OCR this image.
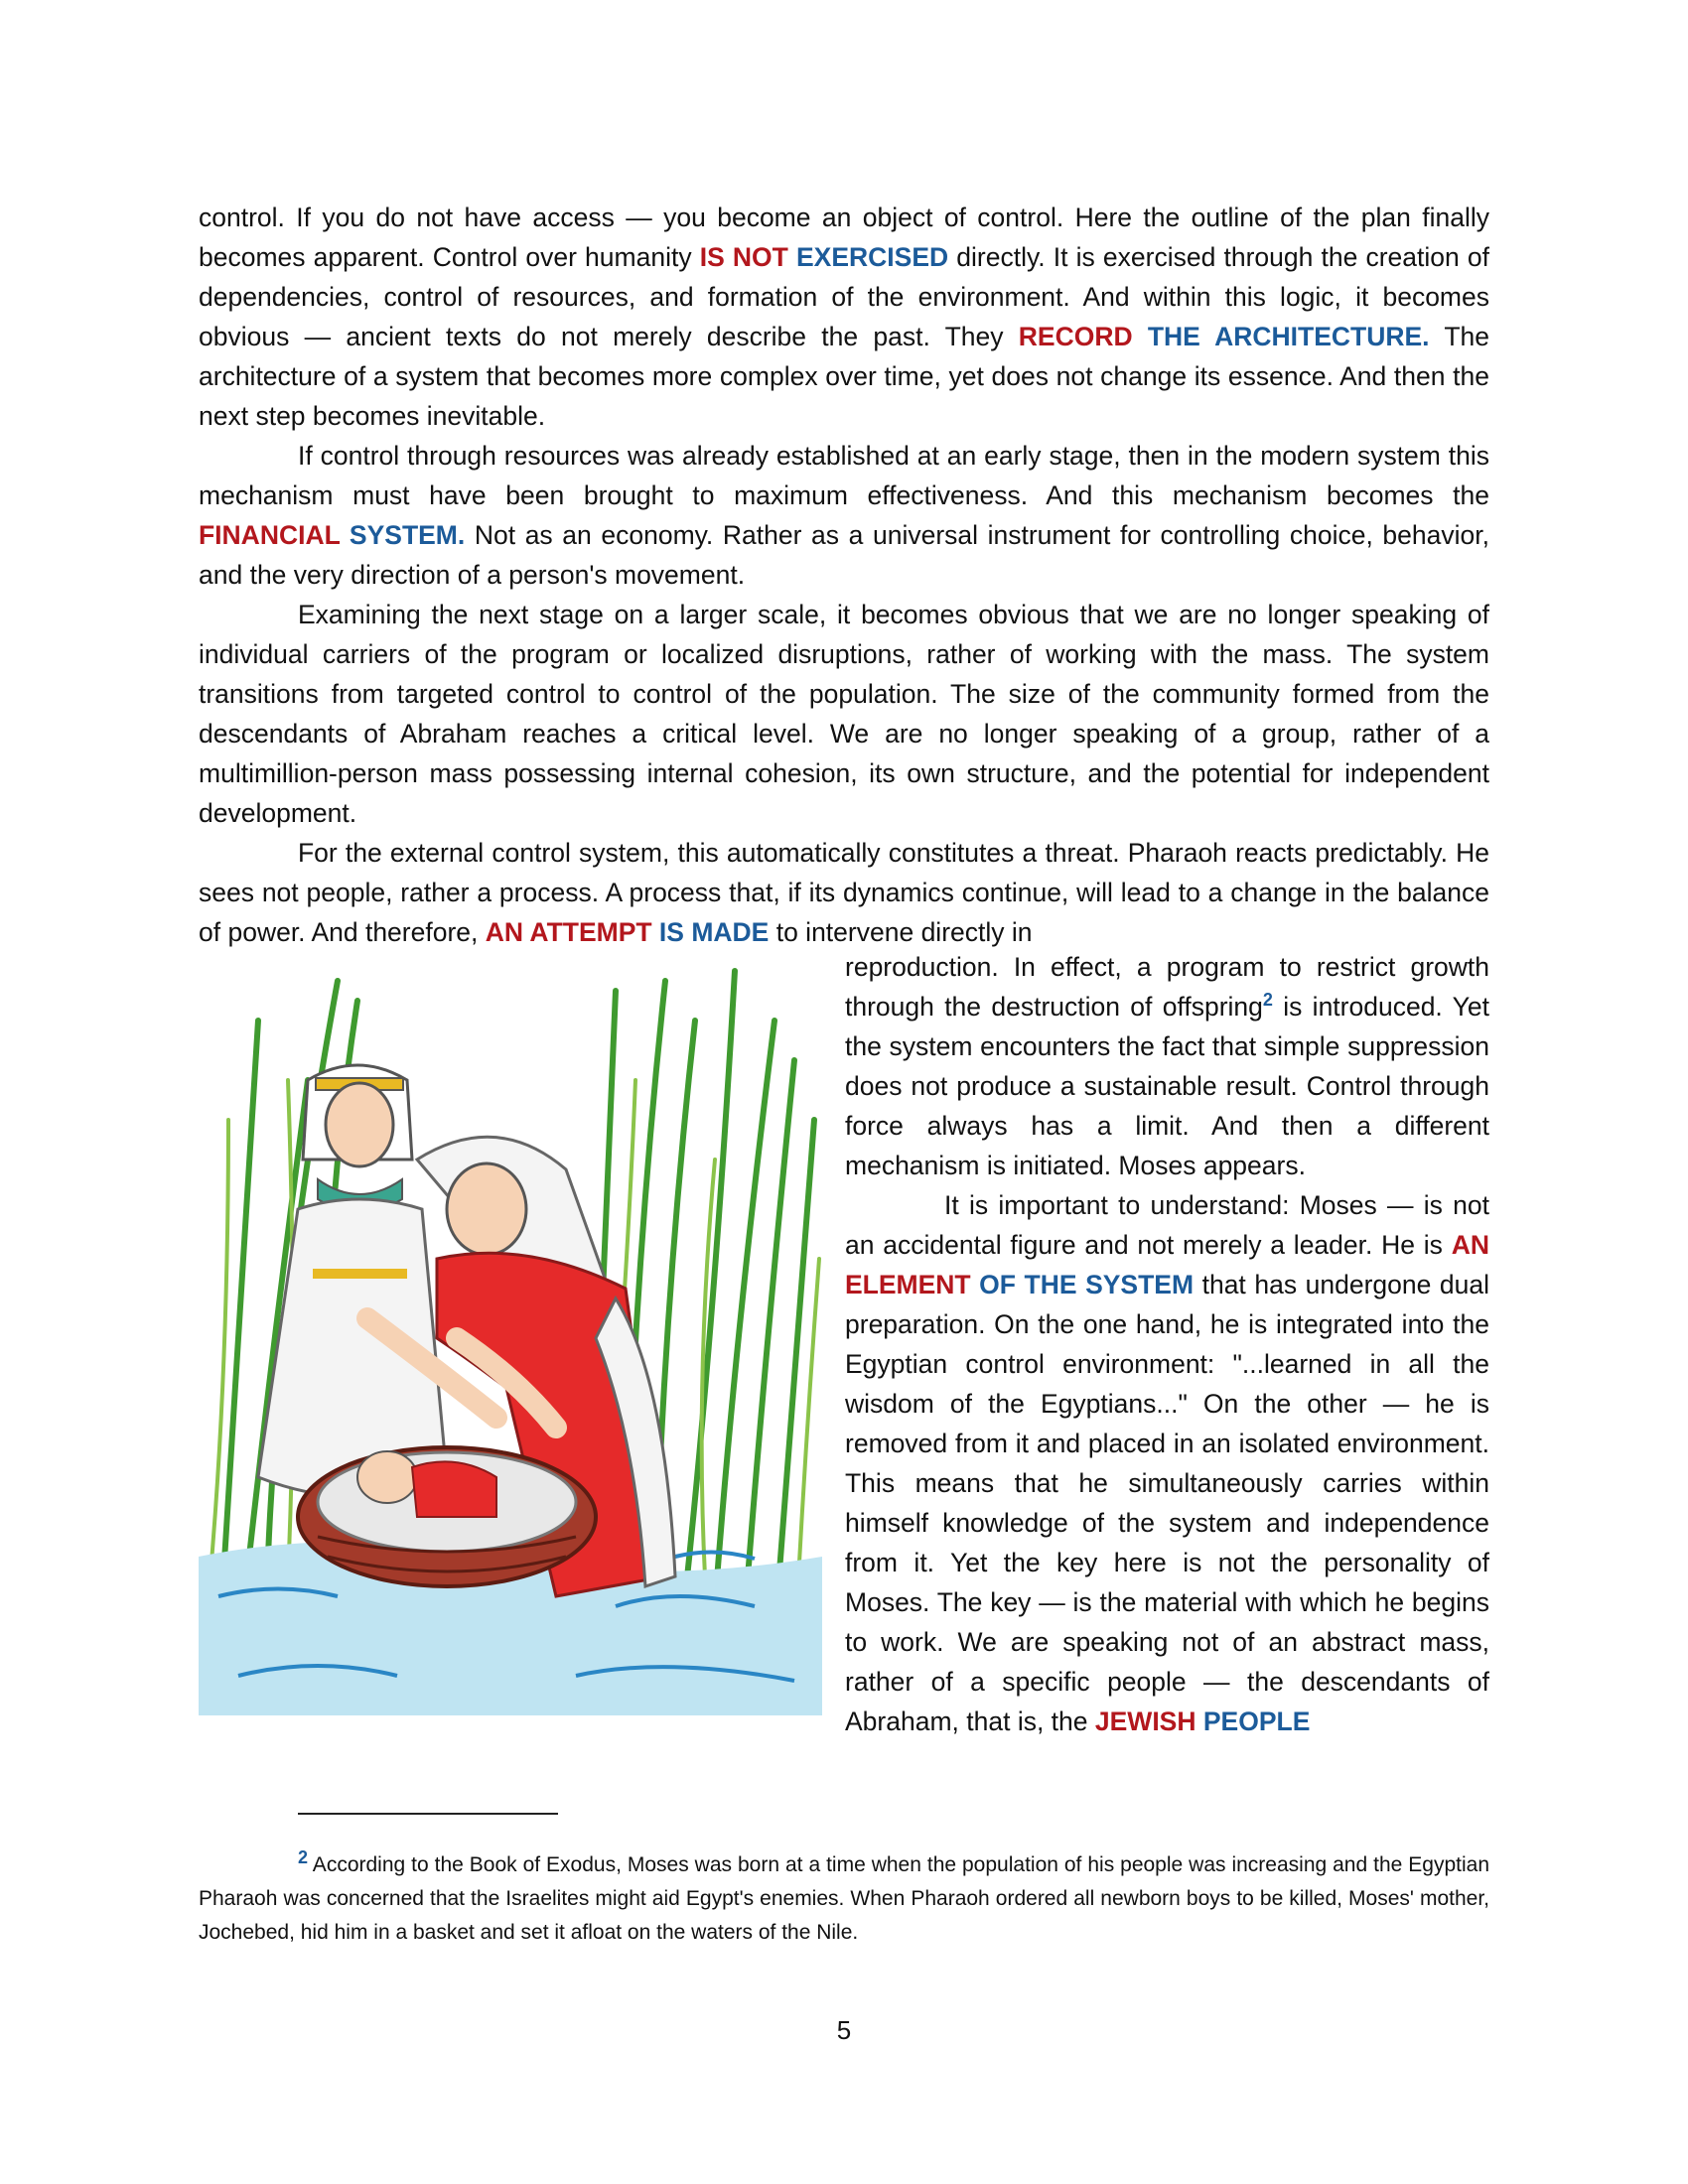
control. If you do not have access — you become an object of control. Here the outline of the plan finally becomes apparent. Control over humanity IS NOT EXERCISED directly. It is exercised through the creation of dependencies, control of resources, and formation of the environment. And within this logic, it becomes obvious — ancient texts do not merely describe the past. They RECORD THE ARCHITECTURE. The architecture of a system that becomes more complex over time, yet does not change its essence. And then the next step becomes inevitable.

If control through resources was already established at an early stage, then in the modern system this mechanism must have been brought to maximum effectiveness. And this mechanism becomes the FINANCIAL SYSTEM. Not as an economy. Rather as a universal instrument for controlling choice, behavior, and the very direction of a person's movement.

Examining the next stage on a larger scale, it becomes obvious that we are no longer speaking of individual carriers of the program or localized disruptions, rather of working with the mass. The system transitions from targeted control to control of the population. The size of the community formed from the descendants of Abraham reaches a critical level. We are no longer speaking of a group, rather of a multimillion-person mass possessing internal cohesion, its own structure, and the potential for independent development.

For the external control system, this automatically constitutes a threat. Pharaoh reacts predictably. He sees not people, rather a process. A process that, if its dynamics continue, will lead to a change in the balance of power. And therefore, AN ATTEMPT IS MADE to intervene directly in

reproduction. In effect, a program to restrict growth through the destruction of offspring$^2$ is introduced. Yet the system encounters the fact that simple suppression does not produce a sustainable result. Control through force always has a limit. And then a different mechanism is initiated. Moses appears.

It is important to understand: Moses — is not an accidental figure and not merely a leader. He is AN ELEMENT OF THE SYSTEM that has undergone dual preparation. On the one hand, he is integrated into the Egyptian control environment: "...learned in all the wisdom of the Egyptians..." On the other — he is removed from it and placed in an isolated environment. This means that he simultaneously carries within himself knowledge of the system and independence from it. Yet the key here is not the personality of Moses. The key — is the material with which he begins to work. We are speaking not of an abstract mass, rather of a specific people — the descendants of Abraham, that is, the JEWISH PEOPLE

2 According to the Book of Exodus, Moses was born at a time when the population of his people was increasing and the Egyptian Pharaoh was concerned that the Israelites might aid Egypt's enemies. When Pharaoh ordered all newborn boys to be killed, Moses' mother, Jochebed, hid him in a basket and set it afloat on the waters of the Nile.

5
